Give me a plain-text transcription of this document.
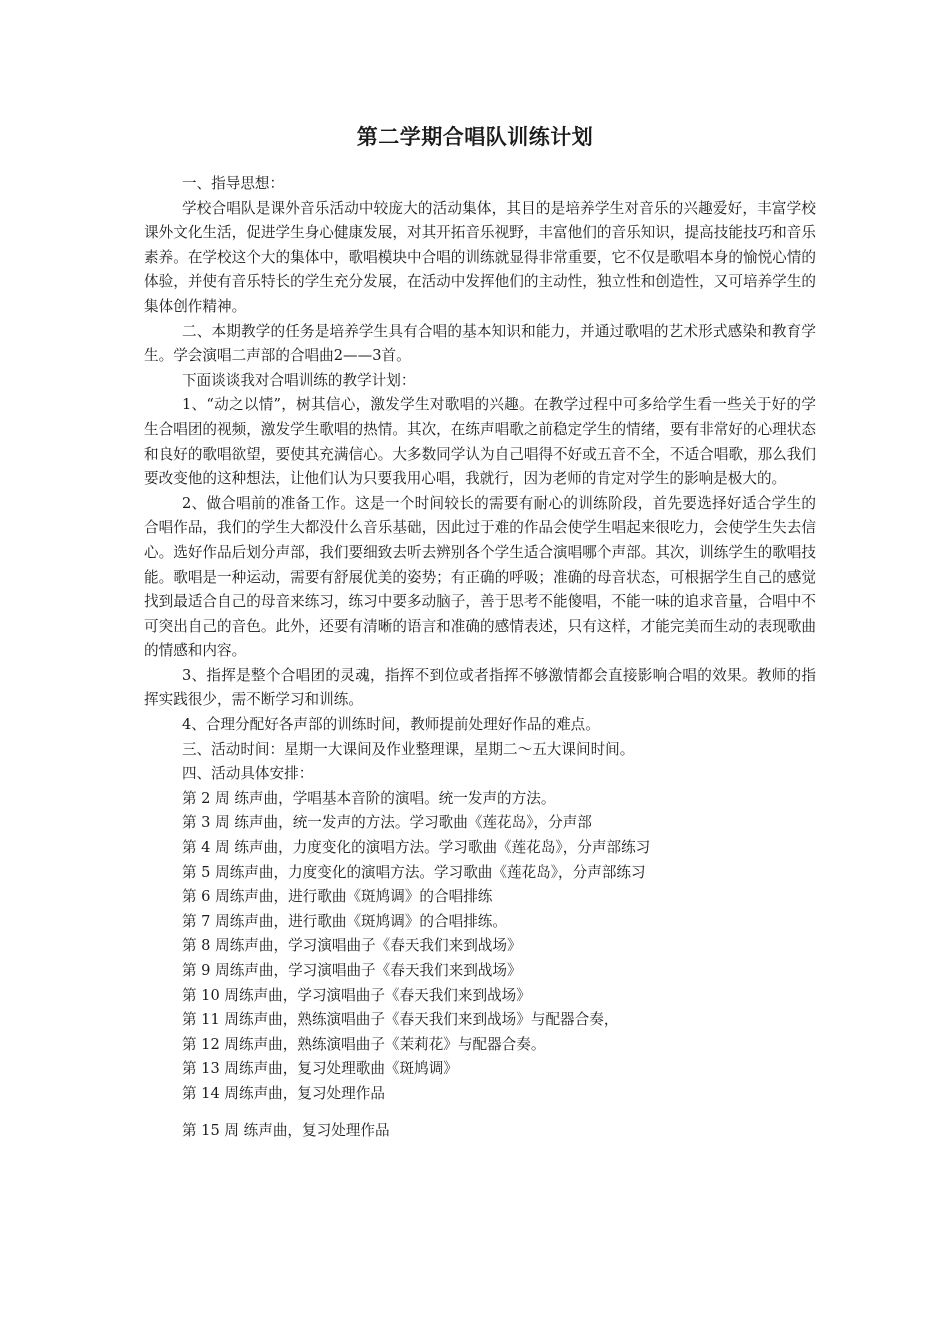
第二学期合唱队训练计划

一、指导思想：

学校合唱队是课外音乐活动中较庞大的活动集体，其目的是培养学生对音乐的兴趣爱好，丰富学校课外文化生活，促进学生身心健康发展，对其开拓音乐视野，丰富他们的音乐知识，提高技能技巧和音乐素养。在学校这个大的集体中，歌唱模块中合唱的训练就显得非常重要，它不仅是歌唱本身的愉悦心情的体验，并使有音乐特长的学生充分发展，在活动中发挥他们的主动性，独立性和创造性，又可培养学生的集体创作精神。

二、本期教学的任务是培养学生具有合唱的基本知识和能力，并通过歌唱的艺术形式感染和教育学生。学会演唱二声部的合唱曲2——3首。

下面谈谈我对合唱训练的教学计划：

1、“动之以情”，树其信心，激发学生对歌唱的兴趣。在教学过程中可多给学生看一些关于好的学生合唱团的视频，激发学生歌唱的热情。其次，在练声唱歌之前稳定学生的情绪，要有非常好的心理状态和良好的歌唱欲望，要使其充满信心。大多数同学认为自己唱得不好或五音不全，不适合唱歌，那么我们要改变他的这种想法，让他们认为只要我用心唱，我就行，因为老师的肯定对学生的影响是极大的。

2、做合唱前的准备工作。这是一个时间较长的需要有耐心的训练阶段，首先要选择好适合学生的合唱作品，我们的学生大都没什么音乐基础，因此过于难的作品会使学生唱起来很吃力，会使学生失去信心。选好作品后划分声部，我们要细致去听去辨别各个学生适合演唱哪个声部。其次，训练学生的歌唱技能。歌唱是一种运动，需要有舒展优美的姿势；有正确的呼吸；准确的母音状态，可根据学生自己的感觉找到最适合自己的母音来练习，练习中要多动脑子，善于思考不能傻唱，不能一味的追求音量，合唱中不可突出自己的音色。此外，还要有清晰的语言和准确的感情表述，只有这样，才能完美而生动的表现歌曲的情感和内容。

3、指挥是整个合唱团的灵魂，指挥不到位或者指挥不够激情都会直接影响合唱的效果。教师的指挥实践很少，需不断学习和训练。

4、合理分配好各声部的训练时间，教师提前处理好作品的难点。

三、活动时间：星期一大课间及作业整理课，星期二～五大课间时间。

四、活动具体安排：

第 2 周 练声曲，学唱基本音阶的演唱。统一发声的方法。

第 3 周 练声曲，统一发声的方法。学习歌曲《莲花岛》，分声部

第 4 周 练声曲，力度变化的演唱方法。学习歌曲《莲花岛》，分声部练习

第 5 周练声曲，力度变化的演唱方法。学习歌曲《莲花岛》，分声部练习

第 6 周练声曲，进行歌曲《斑鸠调》的合唱排练

第 7 周练声曲，进行歌曲《斑鸠调》的合唱排练。

第 8 周练声曲，学习演唱曲子《春天我们来到战场》

第 9 周练声曲，学习演唱曲子《春天我们来到战场》

第 10 周练声曲，学习演唱曲子《春天我们来到战场》

第 11 周练声曲，熟练演唱曲子《春天我们来到战场》与配器合奏，

第 12 周练声曲，熟练演唱曲子《茉莉花》与配器合奏。

第 13 周练声曲，复习处理歌曲《斑鸠调》

第 14 周练声曲，复习处理作品

第 15 周 练声曲，复习处理作品
